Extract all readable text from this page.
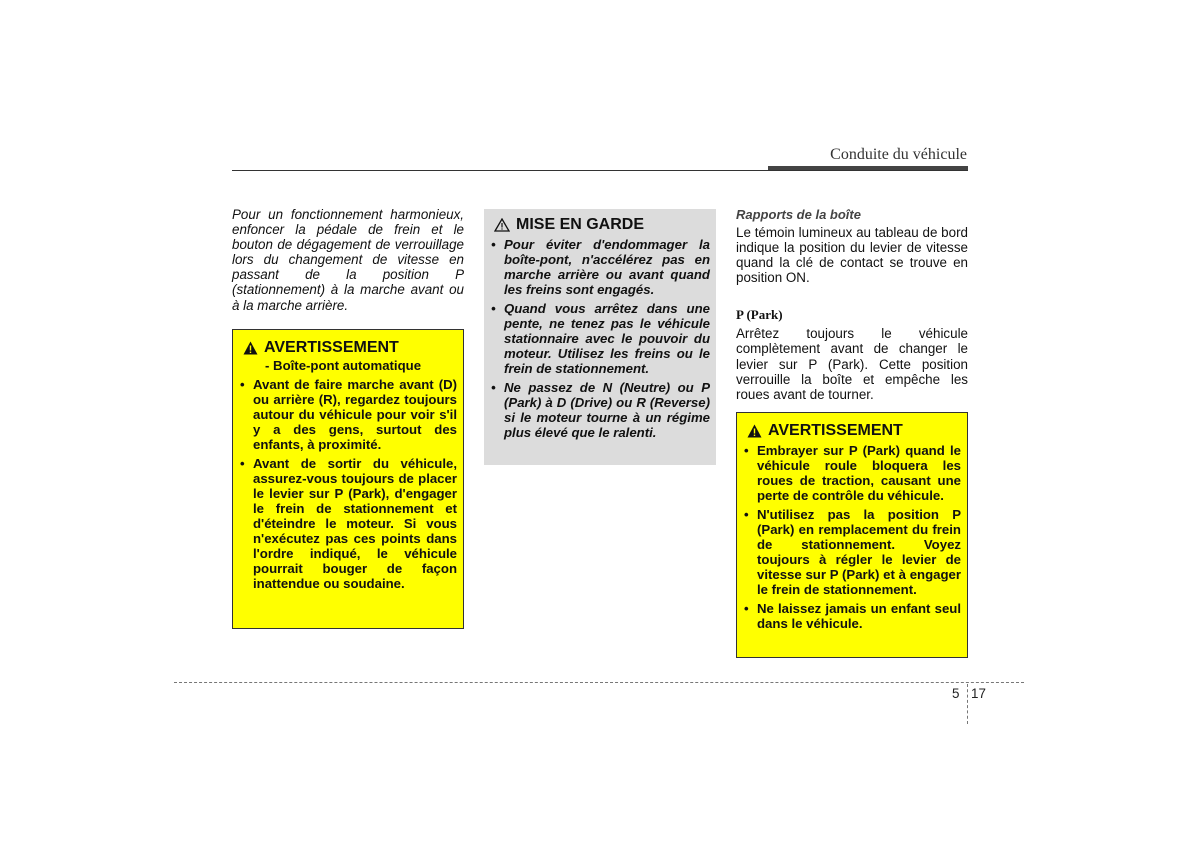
Conduite du véhicule

Pour un fonctionnement harmonieux, enfoncer la pédale de frein et le bouton de dégagement de verrouillage lors du changement de vitesse en passant de la position P (stationnement) à la marche avant ou à la marche arrière.

AVERTISSEMENT
- Boîte-pont automatique
• Avant de faire marche avant (D) ou arrière (R), regardez toujours autour du véhicule pour voir s'il y a des gens, surtout des enfants, à proximité.
• Avant de sortir du véhicule, assurez-vous toujours de placer le levier sur P (Park), d'engager le frein de stationnement et d'éteindre le moteur. Si vous n'exécutez pas ces points dans l'ordre indiqué, le véhicule pourrait bouger de façon inattendue ou soudaine.
MISE EN GARDE
• Pour éviter d'endommager la boîte-pont, n'accélérez pas en marche arrière ou avant quand les freins sont engagés.
• Quand vous arrêtez dans une pente, ne tenez pas le véhicule stationnaire avec le pouvoir du moteur. Utilisez les freins ou le frein de stationnement.
• Ne passez de N (Neutre) ou P (Park) à D (Drive) ou R (Reverse) si le moteur tourne à un régime plus élevé que le ralenti.

Rapports de la boîte

Le témoin lumineux au tableau de bord indique la position du levier de vitesse quand la clé de contact se trouve en position ON.

P (Park)

Arrêtez toujours le véhicule complètement avant de changer le levier sur P (Park). Cette position verrouille la boîte et empêche les roues avant de tourner.

AVERTISSEMENT
• Embrayer sur P (Park) quand le véhicule roule bloquera les roues de traction, causant une perte de contrôle du véhicule.
• N'utilisez pas la position P (Park) en remplacement du frein de stationnement. Voyez toujours à régler le levier de vitesse sur P (Park) et à engager le frein de stationnement.
• Ne laissez jamais un enfant seul dans le véhicule.
5 17
